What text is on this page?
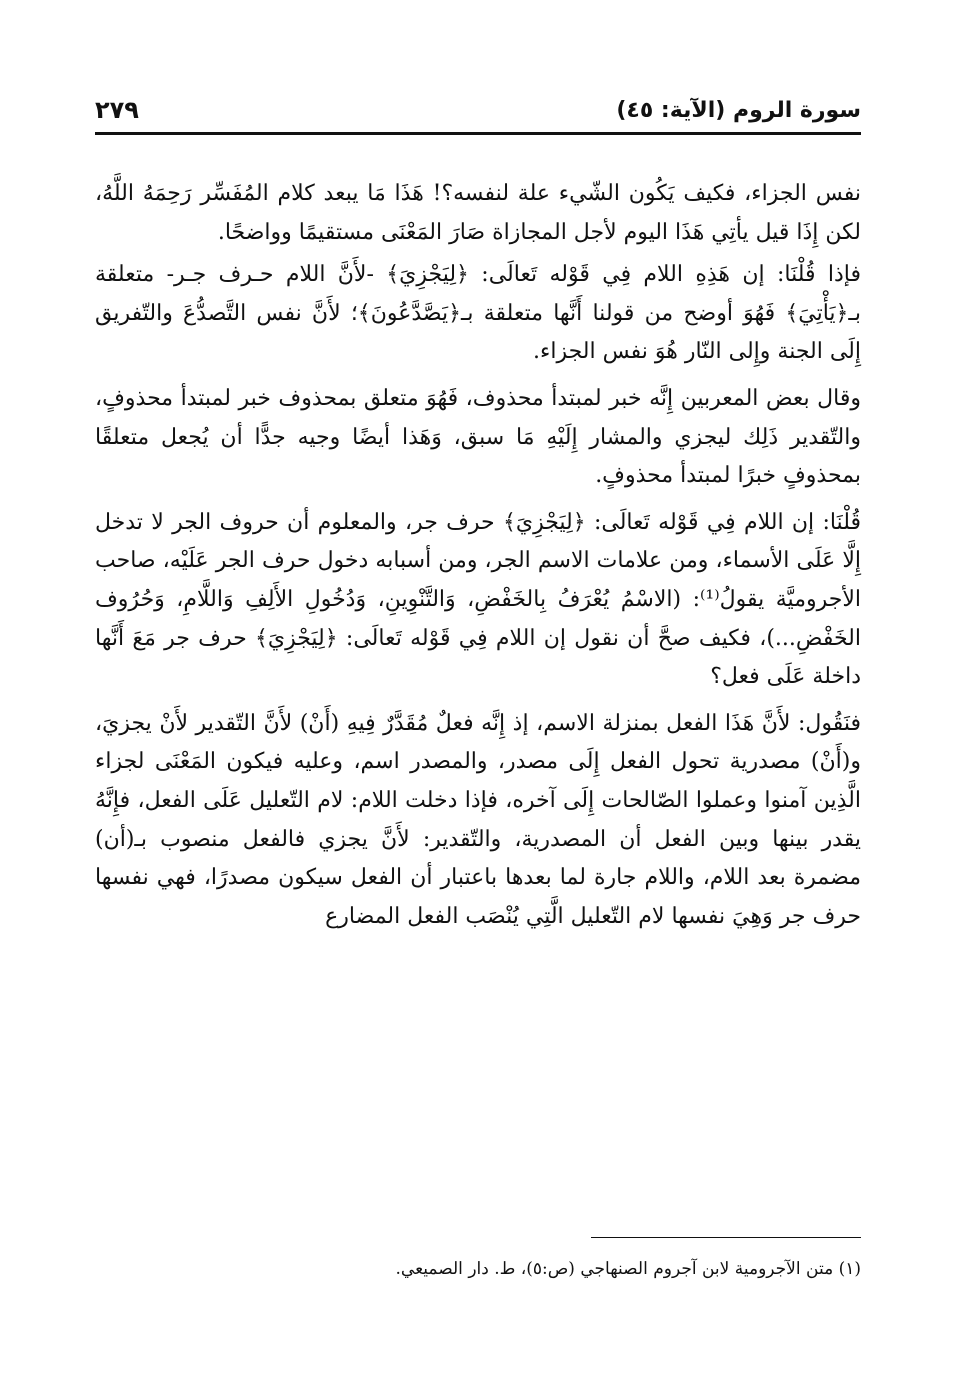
سورة الروم (الآية: ٤٥)
٢٧٩

نفس الجزاء، فكيف يَكُون الشّيء علة لنفسه؟! هَذَا مَا يبعد كلام المُفَسِّر رَحِمَهُ اللَّهُ، لكن إِذَا قيل يأتِي هَذَا اليوم لأجل المجازاة صَارَ المَعْنَى مستقيمًا وواضحًا.

فإذا قُلْنَا: إن هَذِهِ اللام فِي قَوْله تَعالَى: ﴿لِيَجْزِيَ﴾ -لأَنَّ اللام حـرف جـر- متعلقة بـ﴿يَأْتِيَ﴾ فَهُوَ أوضح من قولنا أَنَّها متعلقة بـ﴿يَصَّدَّعُونَ﴾؛ لأَنَّ نفس التَّصدُّعَ والتّفريق إِلَى الجنة وإِلى النّار هُوَ نفس الجزاء.

وقال بعض المعربين إِنَّه خبر لمبتدأ محذوف، فَهُوَ متعلق بمحذوف خبر لمبتدأ محذوفٍ، والتّقدير ذَلِك ليجزي والمشار إِلَيْهِ مَا سبق، وَهَذا أيضًا وجيه جدًّا أن يُجعل متعلقًا بمحذوفٍ خبرًا لمبتدأ محذوفٍ.

قُلْنَا: إن اللام فِي قَوْله تَعالَى: ﴿لِيَجْزِيَ﴾ حرف جر، والمعلوم أن حروف الجر لا تدخل إِلَّا عَلَى الأسماء، ومن علامات الاسم الجر، ومن أسبابه دخول حرف الجر عَلَيْه، صاحب الأجروميَّة يقولُ⁽¹⁾: (الاسْمُ يُعْرَفُ بِالخَفْضِ، وَالتَّنْوِينِ، وَدُخُولِ الأَلِفِ وَاللَّامِ، وَحُرُوف الخَفْضِ...)، فكيف صحَّ أن نقول إن اللام فِي قَوْله تَعالَى: ﴿لِيَجْزِيَ﴾ حرف جر مَعَ أَنَّها داخلة عَلَى فعل؟

فنَقُول: لأَنَّ هَذَا الفعل بمنزلة الاسم، إذ إِنَّه فعلٌ مُقَدَّرٌ فِيهِ (أَنْ) لأَنَّ التّقدير لأَنْ يجزيَ، و(أَنْ) مصدرية تحول الفعل إِلَى مصدر، والمصدر اسم، وعليه فيكون المَعْنَى لجزاء الَّذِين آمنوا وعملوا الصّالحات إِلَى آخره، فإذا دخلت اللام: لام التّعليل عَلَى الفعل، فإِنَّهُ يقدر بينها وبين الفعل أن المصدرية، والتّقدير: لأَنَّ يجزي فالفعل منصوب بـ(أن) مضمرة بعد اللام، واللام جارة لما بعدها باعتبار أن الفعل سيكون مصدرًا، فهي نفسها حرف جر وَهِيَ نفسها لام التّعليل الَّتِي يُنْصَب الفعل المضارع

(١) متن الآجرومية لابن آجروم الصنهاجي (ص:٥)، ط. دار الصميعي.
